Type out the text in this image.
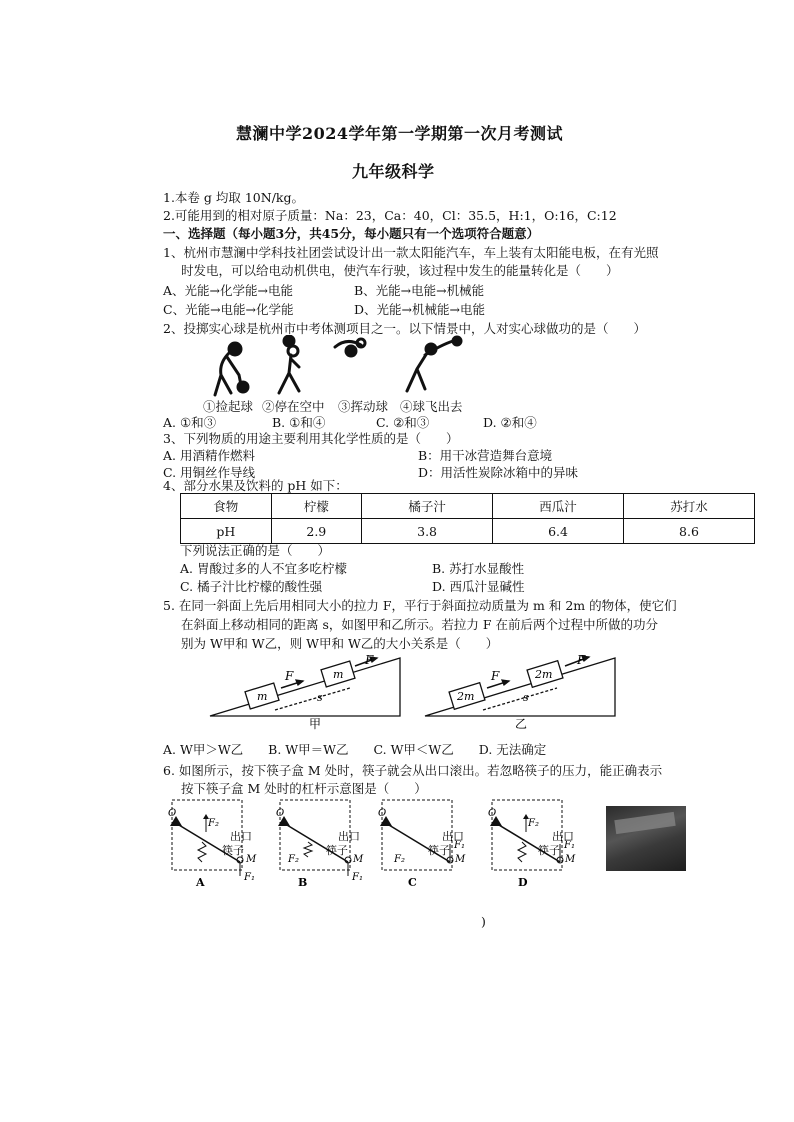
慧澜中学2024学年第一学期第一次月考测试
九年级科学
1.本卷 g 均取 10N/kg。
2.可能用到的相对原子质量：Na：23，Ca：40，Cl：35.5，H:1，O:16，C:12
一、选择题（每小题3分，共45分，每小题只有一个选项符合题意）
1、杭州市慧澜中学科技社团尝试设计出一款太阳能汽车，车上装有太阳能电板，在有光照
时发电，可以给电动机供电，使汽车行驶，该过程中发生的能量转化是（　　）
A、光能→化学能→电能	B、光能→电能→机械能
C、光能→电能→化学能	D、光能→机械能→电能
2、投掷实心球是杭州市中考体测项目之一。以下情景中，人对实心球做功的是（　　）
①捡起球 ②停在空中 ③挥动球 ④球飞出去
A. ①和③	B. ①和④	C. ②和③	D. ②和④
3、下列物质的用途主要利用其化学性质的是（　　）
A. 用酒精作燃料	B：用干冰营造舞台意境
C. 用铜丝作导线	D：用活性炭除冰箱中的异味
4、部分水果及饮料的 pH 如下：
食物	柠檬	橘子汁	西瓜汁	苏打水
pH	2.9	3.8	6.4	8.6
下列说法正确的是（　　）
A. 胃酸过多的人不宜多吃柠檬	B. 苏打水显酸性
C. 橘子汁比柠檬的酸性强	D. 西瓜汁显碱性
5. 在同一斜面上先后用相同大小的拉力 F，平行于斜面拉动质量为 m 和 2m 的物体，使它们
在斜面上移动相同的距离 s，如图甲和乙所示。若拉力 F 在前后两个过程中所做的功分
别为 W甲和 W乙，则 W甲和 W乙的大小关系是（　　）
m
m
F
F
s
甲
2m
2m
F
F
s
乙
A. W甲＞W乙　　B. W甲＝W乙　　C. W甲＜W乙　　D. 无法确定
6. 如图所示，按下筷子盒 M 处时，筷子就会从出口滚出。若忽略筷子的压力，能正确表示
按下筷子盒 M 处时的杠杆示意图是（　　）
O
F₂
出口
筷子
M
F₁
A
O
F₂
出口
筷子
M
F₁
B
O
F₂
出口
筷子
M
F₁
C
O
F₂
出口
筷子
M
F₁
D
)
